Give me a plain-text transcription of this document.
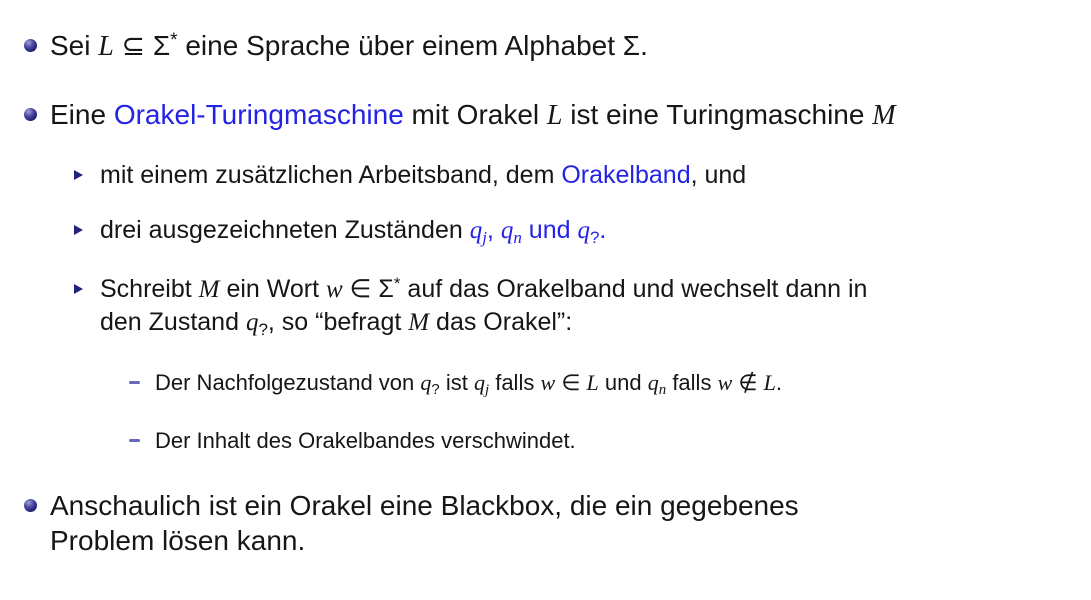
Sei L ⊆ Σ* eine Sprache über einem Alphabet Σ.
Eine Orakel-Turingmaschine mit Orakel L ist eine Turingmaschine M
mit einem zusätzlichen Arbeitsband, dem Orakelband, und
drei ausgezeichneten Zuständen $q_j$, $q_n$ und $q_?$.
Schreibt M ein Wort w ∈ Σ* auf das Orakelband und wechselt dann in
den Zustand $q_?$, so “befragt M das Orakel”:
Der Nachfolgezustand von $q_?$ ist $q_j$ falls w ∈ L und $q_n$ falls w ∉ L.
Der Inhalt des Orakelbandes verschwindet.
Anschaulich ist ein Orakel eine Blackbox, die ein gegebenes
Problem lösen kann.
